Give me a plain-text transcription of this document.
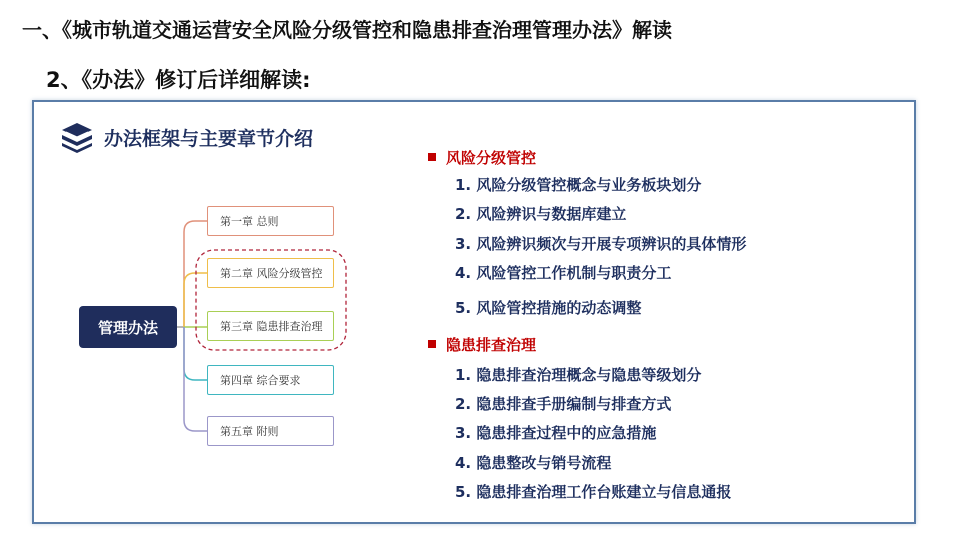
一、《城市轨道交通运营安全风险分级管控和隐患排查治理管理办法》解读
2、《办法》修订后详细解读:
办法框架与主要章节介绍
管理办法
第一章 总则
第二章 风险分级管控
第三章 隐患排查治理
第四章 综合要求
第五章 附则
风险分级管控
1. 风险分级管控概念与业务板块划分
2. 风险辨识与数据库建立
3. 风险辨识频次与开展专项辨识的具体情形
4. 风险管控工作机制与职责分工
5. 风险管控措施的动态调整
隐患排查治理
1. 隐患排查治理概念与隐患等级划分
2. 隐患排查手册编制与排查方式
3. 隐患排查过程中的应急措施
4. 隐患整改与销号流程
5. 隐患排查治理工作台账建立与信息通报
